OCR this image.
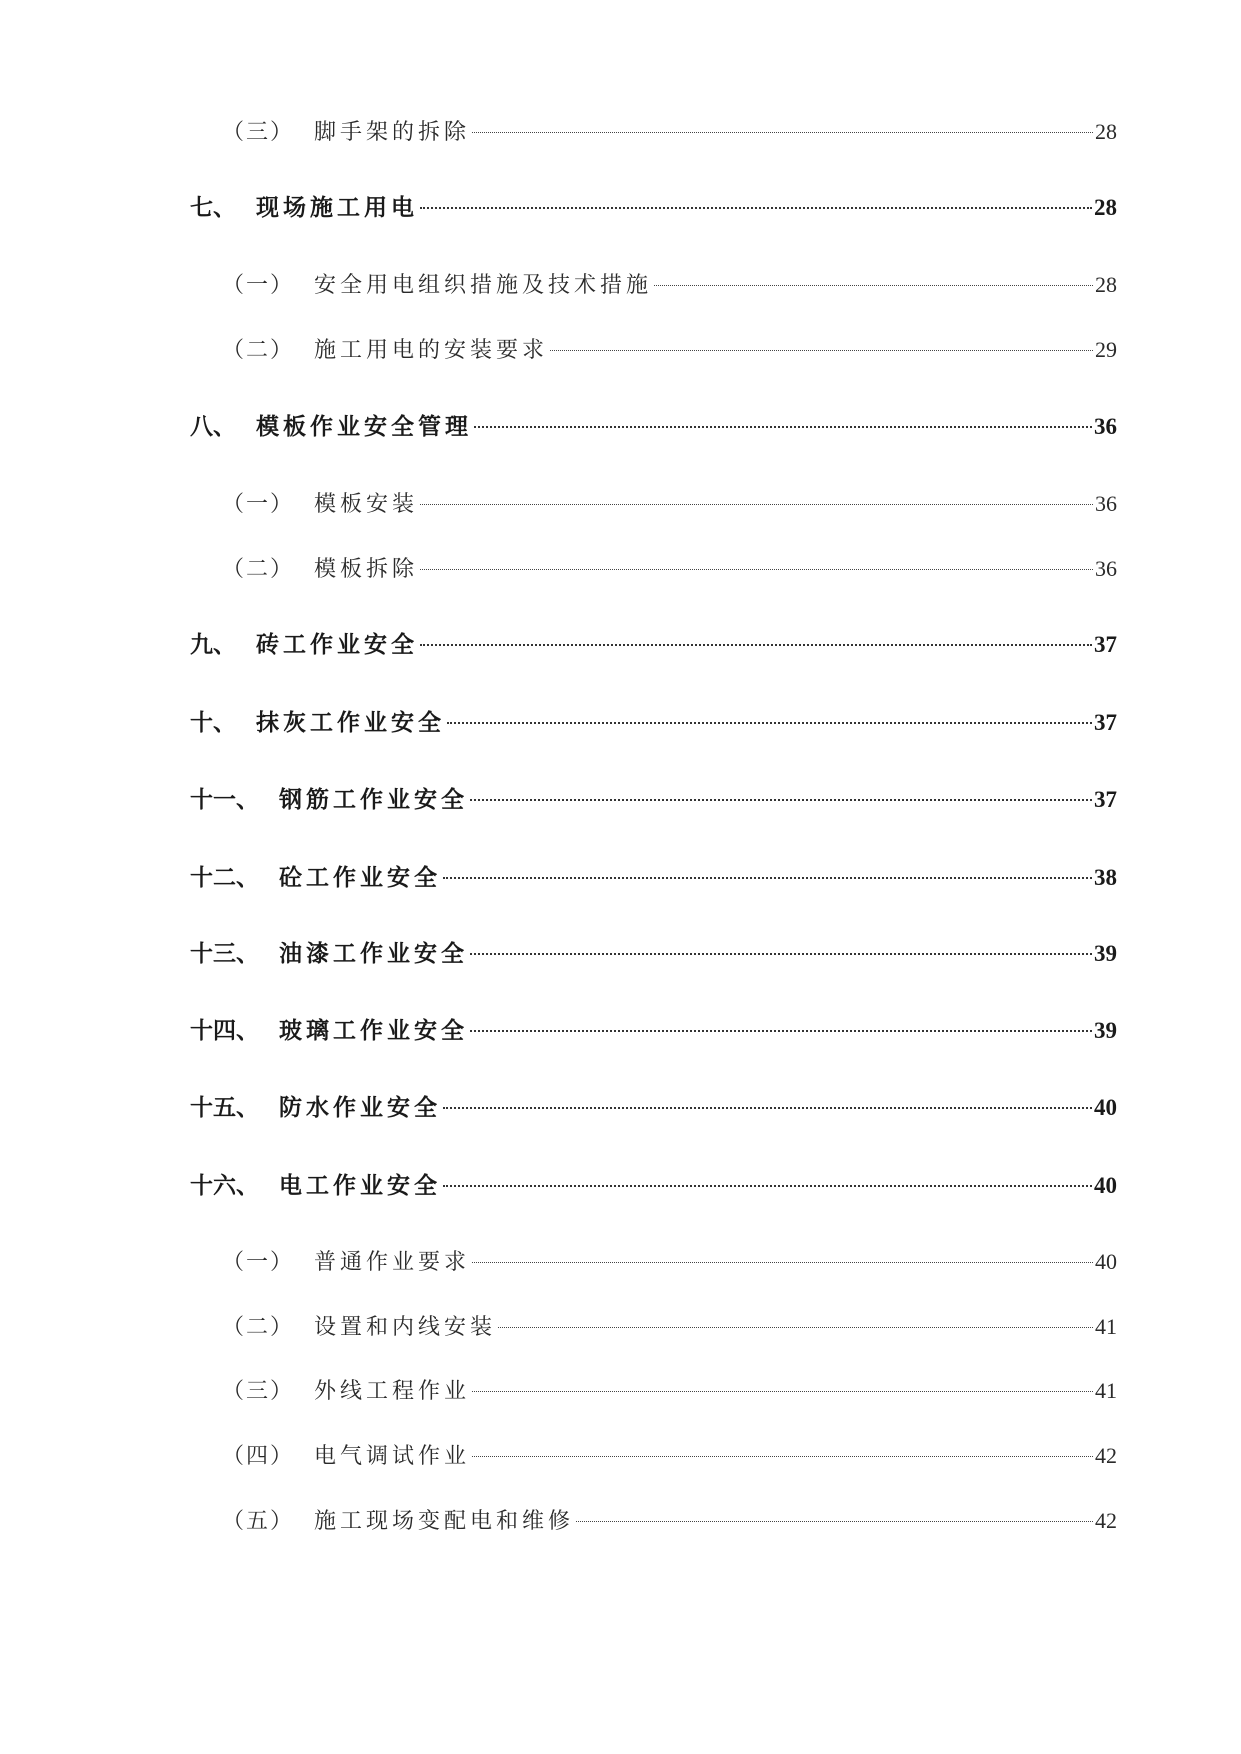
（三） 脚手架的拆除	28
七、 现场施工用电	28
（一） 安全用电组织措施及技术措施	28
（二） 施工用电的安装要求	29
八、 模板作业安全管理	36
（一） 模板安装	36
（二） 模板拆除	36
九、 砖工作业安全	37
十、 抹灰工作业安全	37
十一、 钢筋工作业安全	37
十二、 砼工作业安全	38
十三、 油漆工作业安全	39
十四、 玻璃工作业安全	39
十五、 防水作业安全	40
十六、 电工作业安全	40
（一） 普通作业要求	40
（二） 设置和内线安装	41
（三） 外线工程作业	41
（四） 电气调试作业	42
（五） 施工现场变配电和维修	42
